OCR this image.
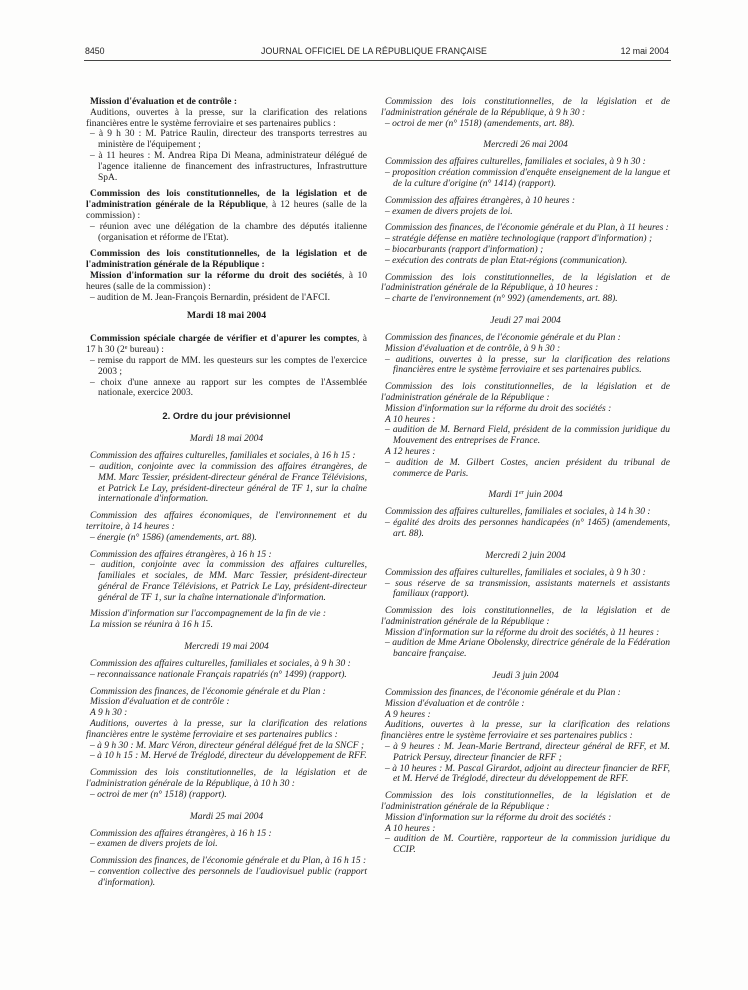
8450	JOURNAL OFFICIEL DE LA RÉPUBLIQUE FRANÇAISE	12 mai 2004

Mission d'évaluation et de contrôle :

Auditions, ouvertes à la presse, sur la clarification des relations financières entre le système ferroviaire et ses partenaires publics :

– à 9 h 30 : M. Patrice Raulin, directeur des transports terrestres au ministère de l'équipement ;

– à 11 heures : M. Andrea Ripa Di Meana, administrateur délégué de l'agence italienne de financement des infrastructures, Infrastrutture SpA.

Commission des lois constitutionnelles, de la législation et de l'administration générale de la République, à 12 heures (salle de la commission) :

– réunion avec une délégation de la chambre des députés italienne (organisation et réforme de l'Etat).

Commission des lois constitutionnelles, de la législation et de l'administration générale de la République :

Mission d'information sur la réforme du droit des sociétés, à 10 heures (salle de la commission) :

– audition de M. Jean-François Bernardin, président de l'AFCI.

Mardi 18 mai 2004

Commission spéciale chargée de vérifier et d'apurer les comptes, à 17 h 30 (2e bureau) :

– remise du rapport de MM. les questeurs sur les comptes de l'exercice 2003 ;

– choix d'une annexe au rapport sur les comptes de l'Assemblée nationale, exercice 2003.

2. Ordre du jour prévisionnel
Mardi 18 mai 2004

Commission des affaires culturelles, familiales et sociales, à 16 h 15 :

– audition, conjointe avec la commission des affaires étrangères, de MM. Marc Tessier, président-directeur général de France Télévisions, et Patrick Le Lay, président-directeur général de TF 1, sur la chaîne internationale d'information.

Commission des affaires économiques, de l'environnement et du territoire, à 14 heures :

– énergie (n° 1586) (amendements, art. 88).

Commission des affaires étrangères, à 16 h 15 :

– audition, conjointe avec la commission des affaires culturelles, familiales et sociales, de MM. Marc Tessier, président-directeur général de France Télévisions, et Patrick Le Lay, président-directeur général de TF 1, sur la chaîne internationale d'information.

Mission d'information sur l'accompagnement de la fin de vie :

La mission se réunira à 16 h 15.

Mercredi 19 mai 2004

Commission des affaires culturelles, familiales et sociales, à 9 h 30 :

– reconnaissance nationale Français rapatriés (n° 1499) (rapport).

Commission des finances, de l'économie générale et du Plan :

Mission d'évaluation et de contrôle :

A 9 h 30 :

Auditions, ouvertes à la presse, sur la clarification des relations financières entre le système ferroviaire et ses partenaires publics :

– à 9 h 30 : M. Marc Véron, directeur général délégué fret de la SNCF ;

– à 10 h 15 : M. Hervé de Tréglodé, directeur du développement de RFF.

Commission des lois constitutionnelles, de la législation et de l'administration générale de la République, à 10 h 30 :

– octroi de mer (n° 1518) (rapport).

Mardi 25 mai 2004

Commission des affaires étrangères, à 16 h 15 :

– examen de divers projets de loi.

Commission des finances, de l'économie générale et du Plan, à 16 h 15 :

– convention collective des personnels de l'audiovisuel public (rapport d'information).

Commission des lois constitutionnelles, de la législation et de l'administration générale de la République, à 9 h 30 :

– octroi de mer (n° 1518) (amendements, art. 88).

Mercredi 26 mai 2004

Commission des affaires culturelles, familiales et sociales, à 9 h 30 :

– proposition création commission d'enquête enseignement de la langue et de la culture d'origine (n° 1414) (rapport).

Commission des affaires étrangères, à 10 heures :

– examen de divers projets de loi.

Commission des finances, de l'économie générale et du Plan, à 11 heures :

– stratégie défense en matière technologique (rapport d'information) ;

– biocarburants (rapport d'information) ;

– exécution des contrats de plan Etat-régions (communication).

Commission des lois constitutionnelles, de la législation et de l'administration générale de la République, à 10 heures :

– charte de l'environnement (n° 992) (amendements, art. 88).

Jeudi 27 mai 2004

Commission des finances, de l'économie générale et du Plan :

Mission d'évaluation et de contrôle, à 9 h 30 :

– auditions, ouvertes à la presse, sur la clarification des relations financières entre le système ferroviaire et ses partenaires publics.

Commission des lois constitutionnelles, de la législation et de l'administration générale de la République :

Mission d'information sur la réforme du droit des sociétés :

A 10 heures :

– audition de M. Bernard Field, président de la commission juridique du Mouvement des entreprises de France.

A 12 heures :

– audition de M. Gilbert Costes, ancien président du tribunal de commerce de Paris.

Mardi 1er juin 2004

Commission des affaires culturelles, familiales et sociales, à 14 h 30 :

– égalité des droits des personnes handicapées (n° 1465) (amendements, art. 88).

Mercredi 2 juin 2004

Commission des affaires culturelles, familiales et sociales, à 9 h 30 :

– sous réserve de sa transmission, assistants maternels et assistants familiaux (rapport).

Commission des lois constitutionnelles, de la législation et de l'administration générale de la République :

Mission d'information sur la réforme du droit des sociétés, à 11 heures :

– audition de Mme Ariane Obolensky, directrice générale de la Fédération bancaire française.

Jeudi 3 juin 2004

Commission des finances, de l'économie générale et du Plan :

Mission d'évaluation et de contrôle :

A 9 heures :

Auditions, ouvertes à la presse, sur la clarification des relations financières entre le système ferroviaire et ses partenaires publics :

– à 9 heures : M. Jean-Marie Bertrand, directeur général de RFF, et M. Patrick Persuy, directeur financier de RFF ;

– à 10 heures : M. Pascal Girardot, adjoint au directeur financier de RFF, et M. Hervé de Tréglodé, directeur du développement de RFF.

Commission des lois constitutionnelles, de la législation et de l'administration générale de la République :

Mission d'information sur la réforme du droit des sociétés :

A 10 heures :

– audition de M. Courtière, rapporteur de la commission juridique du CCIP.
